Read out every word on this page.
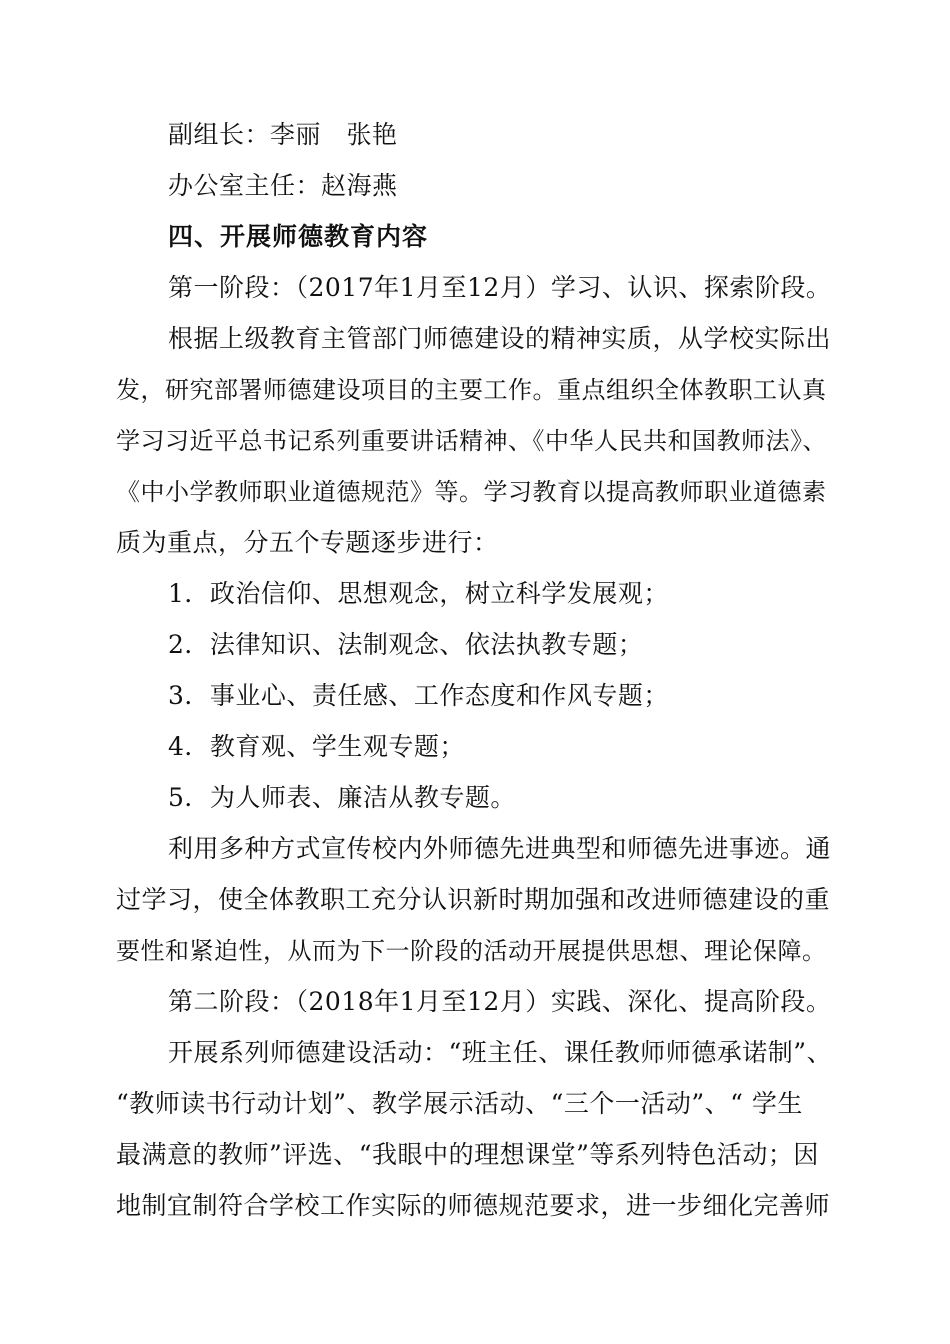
副组长：李丽　张艳
办公室主任：赵海燕
四、开展师德教育内容
第一阶段：（2017年1月至12月）学习、认识、探索阶段。
根据上级教育主管部门师德建设的精神实质，从学校实际出
发，研究部署师德建设项目的主要工作。重点组织全体教职工认真
学习习近平总书记系列重要讲话精神、《中华人民共和国教师法》、
《中小学教师职业道德规范》等。学习教育以提高教师职业道德素
质为重点，分五个专题逐步进行：
1．政治信仰、思想观念，树立科学发展观；
2．法律知识、法制观念、依法执教专题；
3．事业心、责任感、工作态度和作风专题；
4．教育观、学生观专题；
5．为人师表、廉洁从教专题。
利用多种方式宣传校内外师德先进典型和师德先进事迹。通
过学习，使全体教职工充分认识新时期加强和改进师德建设的重
要性和紧迫性，从而为下一阶段的活动开展提供思想、理论保障。
第二阶段：（2018年1月至12月）实践、深化、提高阶段。
开展系列师德建设活动：“班主任、课任教师师德承诺制”、
“教师读书行动计划”、教学展示活动、“三个一活动”、“ 学生
最满意的教师”评选、“我眼中的理想课堂”等系列特色活动；因
地制宜制符合学校工作实际的师德规范要求，进一步细化完善师
